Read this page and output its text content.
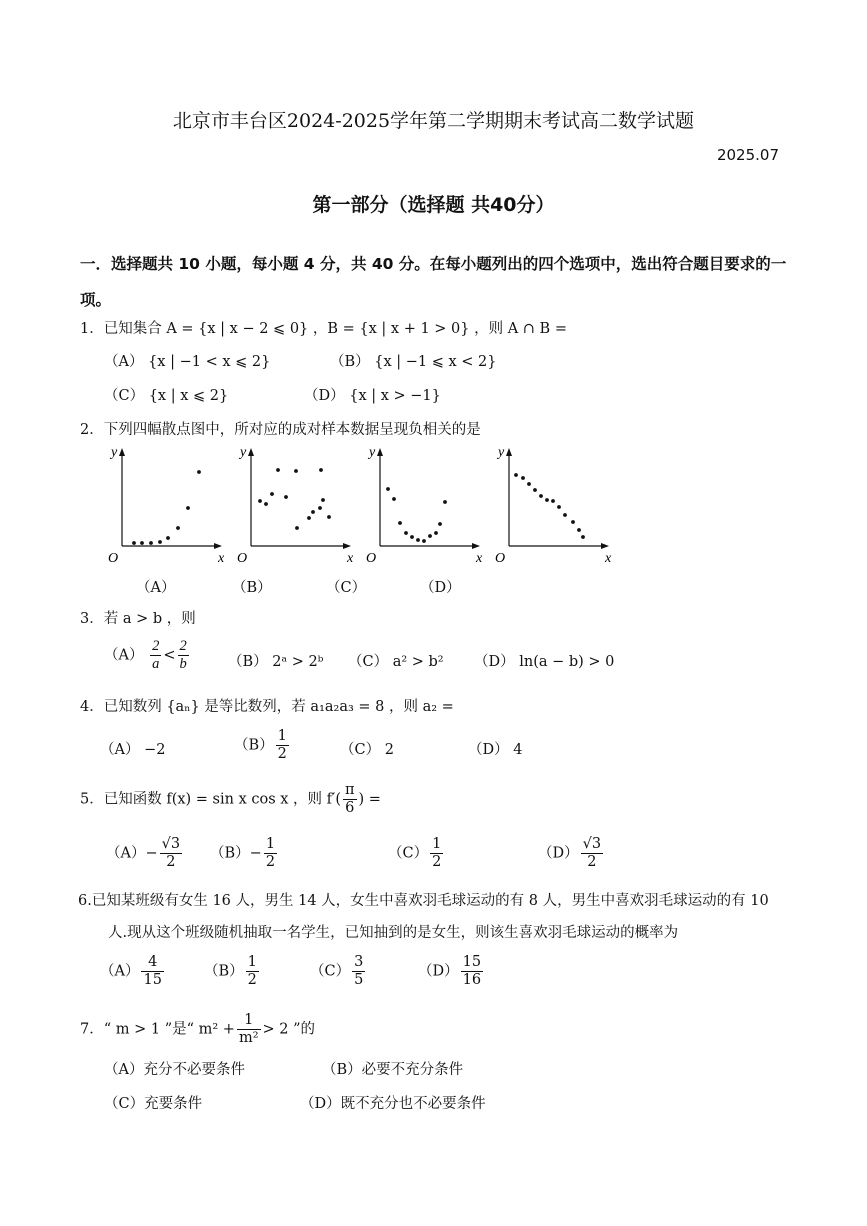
北京市丰台区2024-2025学年第二学期期末考试高二数学试题
2025.07
第一部分（选择题 共40分）
一．选择题共 10 小题，每小题 4 分，共 40 分。在每小题列出的四个选项中，选出符合题目要求的一项。
1．已知集合 A = {x | x − 2 ⩽ 0} ，B = {x | x + 1 > 0} ，则 A ∩ B =
（A） {x | −1 < x ⩽ 2}	（B） {x | −1 ⩽ x < 2}
（C） {x | x ⩽ 2}	（D） {x | x > −1}
2．下列四幅散点图中，所对应的成对样本数据呈现负相关的是
y
x
O
y
x
O
y
x
O
y
x
O
（A）	（B）	（C）	（D）
3．若 a > b ，则
$(A) \frac{2}{a} < \frac{2}{b}$	（B） 2ᵃ > 2ᵇ （C） a² > b² （D） ln(a − b) > 0
4．已知数列 {aₙ} 是等比数列，若 a₁a₂a₃ = 8 ，则 a₂ =
（A） −2	$(B) \frac{1}{2}$	（C） 2	（D） 4
5．已知函数 f(x) = sin x cos x ，则 $f'( \frac{\pi}{6}$ ) =
$(A)- \frac{√3}{2} (B)- \frac{1}{2}$	$(C) \frac{1}{2}$	$(D) \frac{√3}{2}$
6.已知某班级有女生 16 人，男生 14 人，女生中喜欢羽毛球运动的有 8 人，男生中喜欢羽毛球运动的有 10
人.现从这个班级随机抽取一名学生，已知抽到的是女生，则该生喜欢羽毛球运动的概率为
$(A) \frac{4}{15}$	$(B) \frac{1}{2}$	$(C) \frac{3}{5}$	$(D) \frac{15}{16}$
7．“ m > 1 ”是“ $m^2 + \frac{1}{\text{m²}} > 2$ ”的
（A）充分不必要条件	（B）必要不充分条件
（C）充要条件	（D）既不充分也不必要条件
